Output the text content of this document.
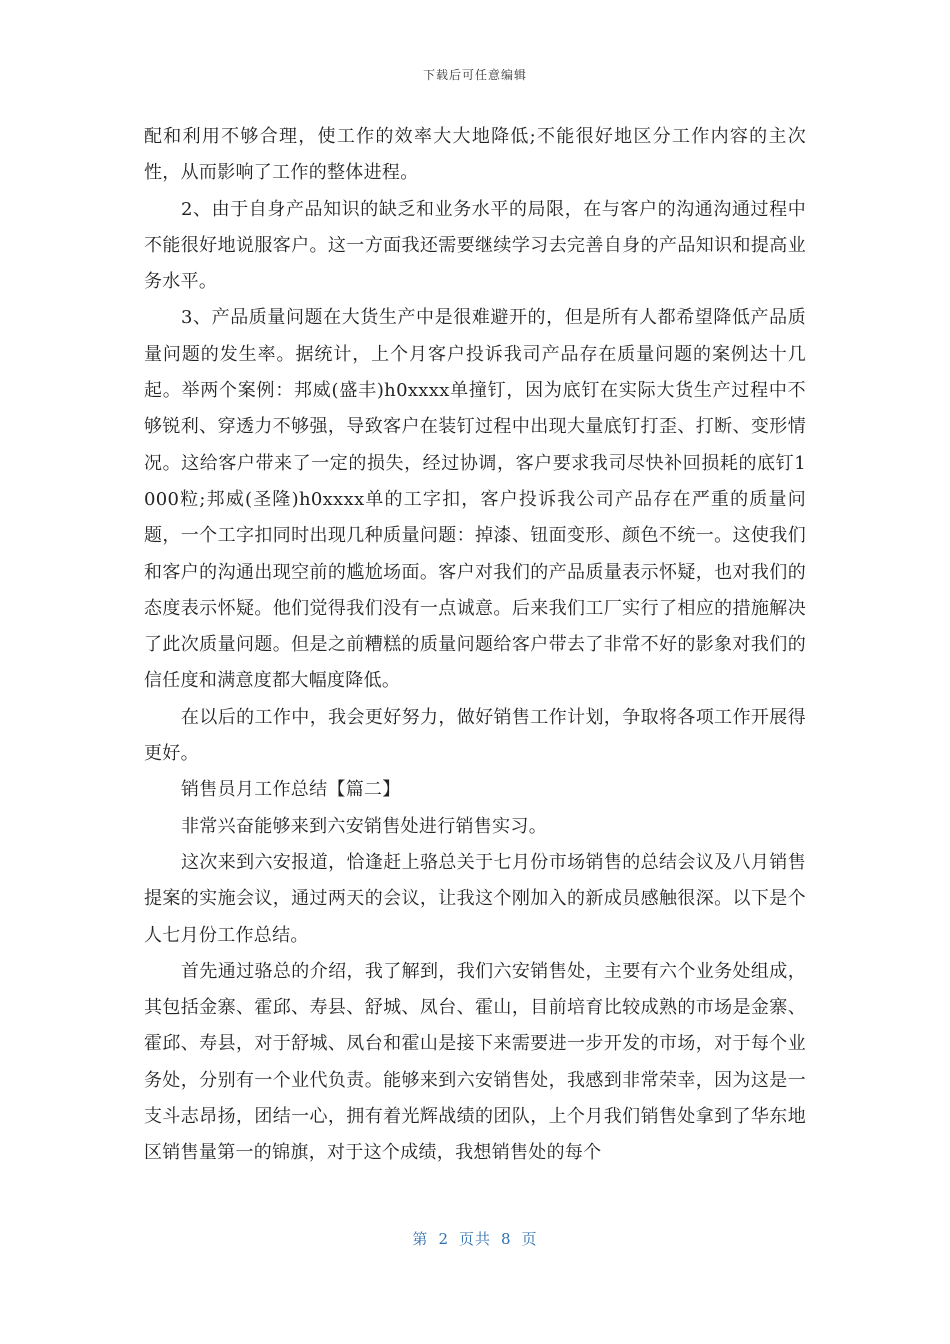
下载后可任意编辑

配和利用不够合理，使工作的效率大大地降低;不能很好地区分工作内容的主次性，从而影响了工作的整体进程。

2、由于自身产品知识的缺乏和业务水平的局限，在与客户的沟通沟通过程中不能很好地说服客户。这一方面我还需要继续学习去完善自身的产品知识和提高业务水平。

3、产品质量问题在大货生产中是很难避开的，但是所有人都希望降低产品质量问题的发生率。据统计，上个月客户投诉我司产品存在质量问题的案例达十几起。举两个案例：邦威(盛丰)h0xxxx单撞钉，因为底钉在实际大货生产过程中不够锐利、穿透力不够强，导致客户在装钉过程中出现大量底钉打歪、打断、变形情况。这给客户带来了一定的损失，经过协调，客户要求我司尽快补回损耗的底钉1000粒;邦威(圣隆)h0xxxx单的工字扣，客户投诉我公司产品存在严重的质量问题，一个工字扣同时出现几种质量问题：掉漆、钮面变形、颜色不统一。这使我们和客户的沟通出现空前的尴尬场面。客户对我们的产品质量表示怀疑，也对我们的态度表示怀疑。他们觉得我们没有一点诚意。后来我们工厂实行了相应的措施解决了此次质量问题。但是之前糟糕的质量问题给客户带去了非常不好的影象对我们的信任度和满意度都大幅度降低。

在以后的工作中，我会更好努力，做好销售工作计划，争取将各项工作开展得更好。

销售员月工作总结【篇二】

非常兴奋能够来到六安销售处进行销售实习。

这次来到六安报道，恰逢赶上骆总关于七月份市场销售的总结会议及八月销售提案的实施会议，通过两天的会议，让我这个刚加入的新成员感触很深。以下是个人七月份工作总结。

首先通过骆总的介绍，我了解到，我们六安销售处，主要有六个业务处组成，其包括金寨、霍邱、寿县、舒城、凤台、霍山，目前培育比较成熟的市场是金寨、霍邱、寿县，对于舒城、凤台和霍山是接下来需要进一步开发的市场，对于每个业务处，分别有一个业代负责。能够来到六安销售处，我感到非常荣幸，因为这是一支斗志昂扬，团结一心，拥有着光辉战绩的团队，上个月我们销售处拿到了华东地区销售量第一的锦旗，对于这个成绩，我想销售处的每个

第 2 页共 8 页
